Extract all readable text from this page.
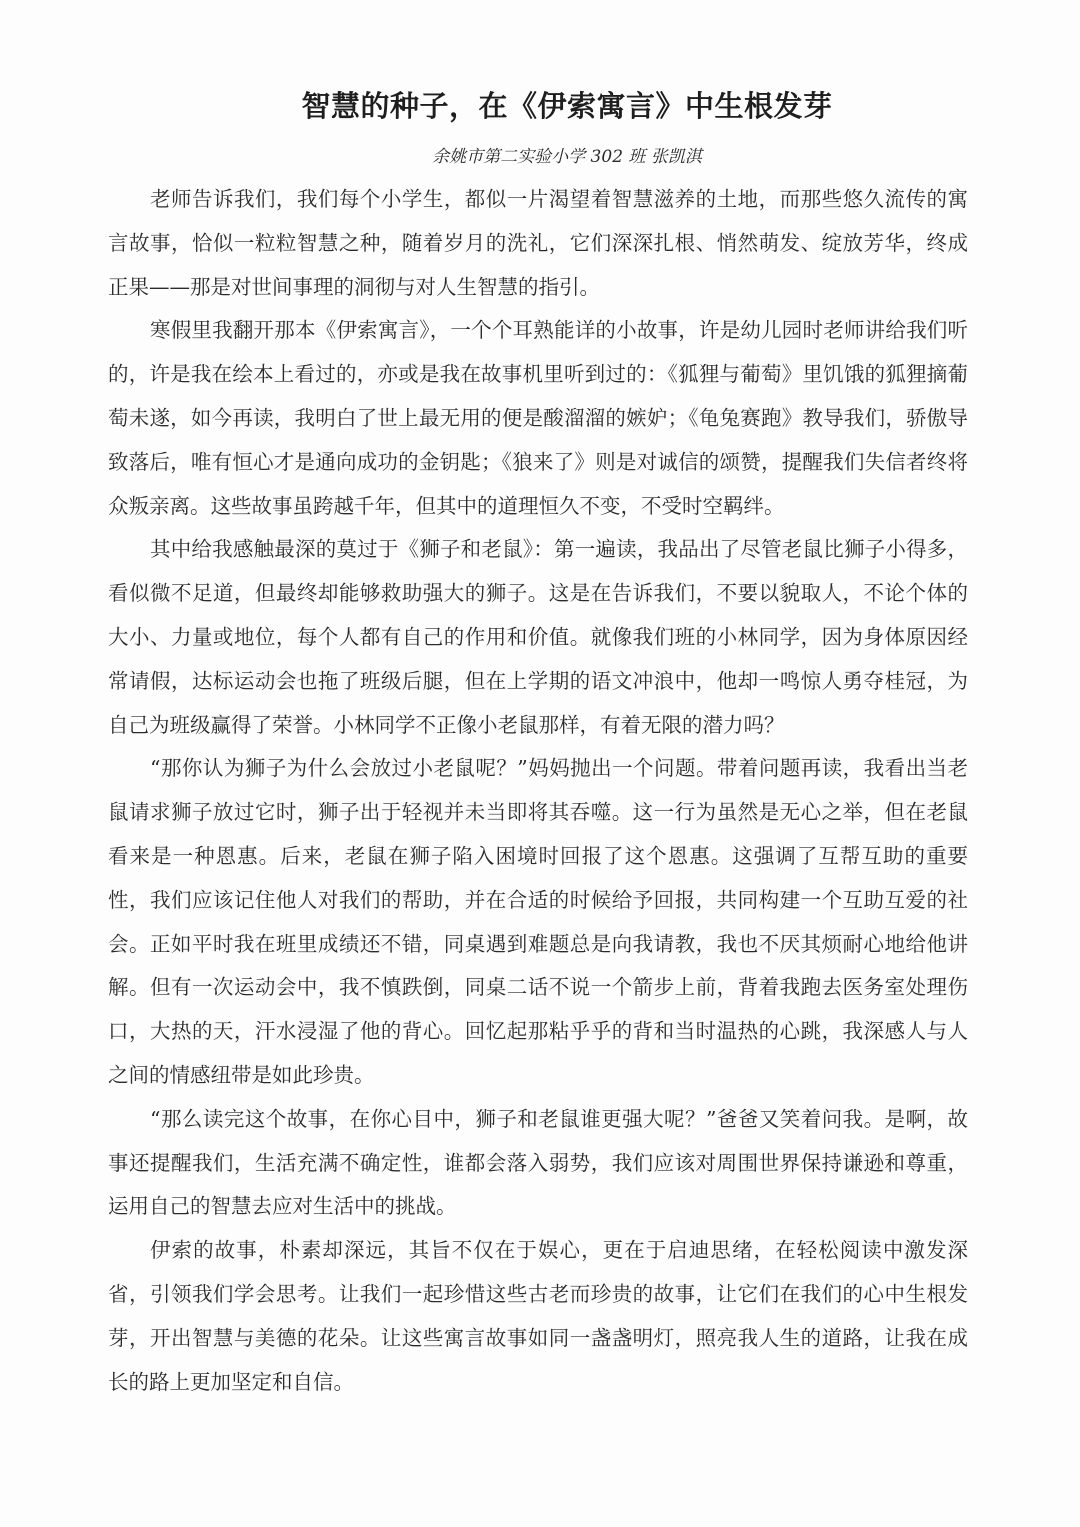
智慧的种子，在《伊索寓言》中生根发芽
余姚市第二实验小学 302 班 张凯淇

老师告诉我们，我们每个小学生，都似一片渴望着智慧滋养的土地，而那些悠久流传的寓言故事，恰似一粒粒智慧之种，随着岁月的洗礼，它们深深扎根、悄然萌发、绽放芳华，终成正果——那是对世间事理的洞彻与对人生智慧的指引。

寒假里我翻开那本《伊索寓言》，一个个耳熟能详的小故事，许是幼儿园时老师讲给我们听的，许是我在绘本上看过的，亦或是我在故事机里听到过的：《狐狸与葡萄》里饥饿的狐狸摘葡萄未遂，如今再读，我明白了世上最无用的便是酸溜溜的嫉妒；《龟兔赛跑》教导我们，骄傲导致落后，唯有恒心才是通向成功的金钥匙；《狼来了》则是对诚信的颂赞，提醒我们失信者终将众叛亲离。这些故事虽跨越千年，但其中的道理恒久不变，不受时空羁绊。

其中给我感触最深的莫过于《狮子和老鼠》：第一遍读，我品出了尽管老鼠比狮子小得多，看似微不足道，但最终却能够救助强大的狮子。这是在告诉我们，不要以貌取人，不论个体的大小、力量或地位，每个人都有自己的作用和价值。就像我们班的小林同学，因为身体原因经常请假，达标运动会也拖了班级后腿，但在上学期的语文冲浪中，他却一鸣惊人勇夺桂冠，为自己为班级赢得了荣誉。小林同学不正像小老鼠那样，有着无限的潜力吗？

“那你认为狮子为什么会放过小老鼠呢？”妈妈抛出一个问题。带着问题再读，我看出当老鼠请求狮子放过它时，狮子出于轻视并未当即将其吞噬。这一行为虽然是无心之举，但在老鼠看来是一种恩惠。后来，老鼠在狮子陷入困境时回报了这个恩惠。这强调了互帮互助的重要性，我们应该记住他人对我们的帮助，并在合适的时候给予回报，共同构建一个互助互爱的社会。正如平时我在班里成绩还不错，同桌遇到难题总是向我请教，我也不厌其烦耐心地给他讲解。但有一次运动会中，我不慎跌倒，同桌二话不说一个箭步上前，背着我跑去医务室处理伤口，大热的天，汗水浸湿了他的背心。回忆起那粘乎乎的背和当时温热的心跳，我深感人与人之间的情感纽带是如此珍贵。

“那么读完这个故事，在你心目中，狮子和老鼠谁更强大呢？”爸爸又笑着问我。是啊，故事还提醒我们，生活充满不确定性，谁都会落入弱势，我们应该对周围世界保持谦逊和尊重，运用自己的智慧去应对生活中的挑战。

伊索的故事，朴素却深远，其旨不仅在于娱心，更在于启迪思绪，在轻松阅读中激发深省，引领我们学会思考。让我们一起珍惜这些古老而珍贵的故事，让它们在我们的心中生根发芽，开出智慧与美德的花朵。让这些寓言故事如同一盏盏明灯，照亮我人生的道路，让我在成长的路上更加坚定和自信。
